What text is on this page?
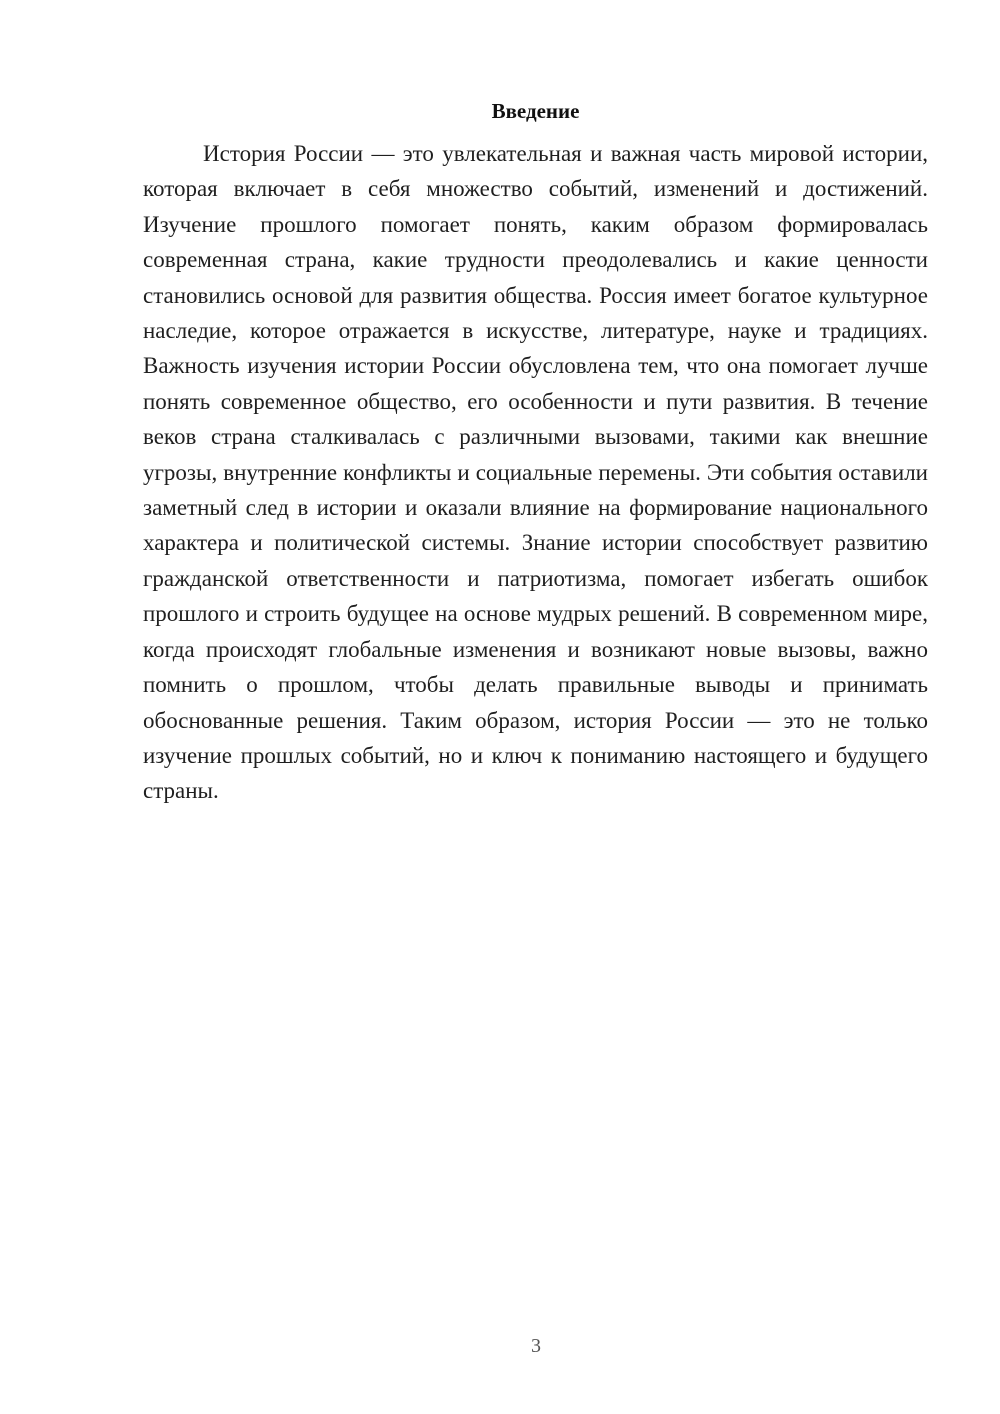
Введение

История России — это увлекательная и важная часть мировой истории, которая включает в себя множество событий, изменений и достижений. Изучение прошлого помогает понять, каким образом формировалась современная страна, какие трудности преодолевались и какие ценности становились основой для развития общества. Россия имеет богатое культурное наследие, которое отражается в искусстве, литературе, науке и традициях. Важность изучения истории России обусловлена тем, что она помогает лучше понять современное общество, его особенности и пути развития. В течение веков страна сталкивалась с различными вызовами, такими как внешние угрозы, внутренние конфликты и социальные перемены. Эти события оставили заметный след в истории и оказали влияние на формирование национального характера и политической системы. Знание истории способствует развитию гражданской ответственности и патриотизма, помогает избегать ошибок прошлого и строить будущее на основе мудрых решений. В современном мире, когда происходят глобальные изменения и возникают новые вызовы, важно помнить о прошлом, чтобы делать правильные выводы и принимать обоснованные решения. Таким образом, история России — это не только изучение прошлых событий, но и ключ к пониманию настоящего и будущего страны.

3
